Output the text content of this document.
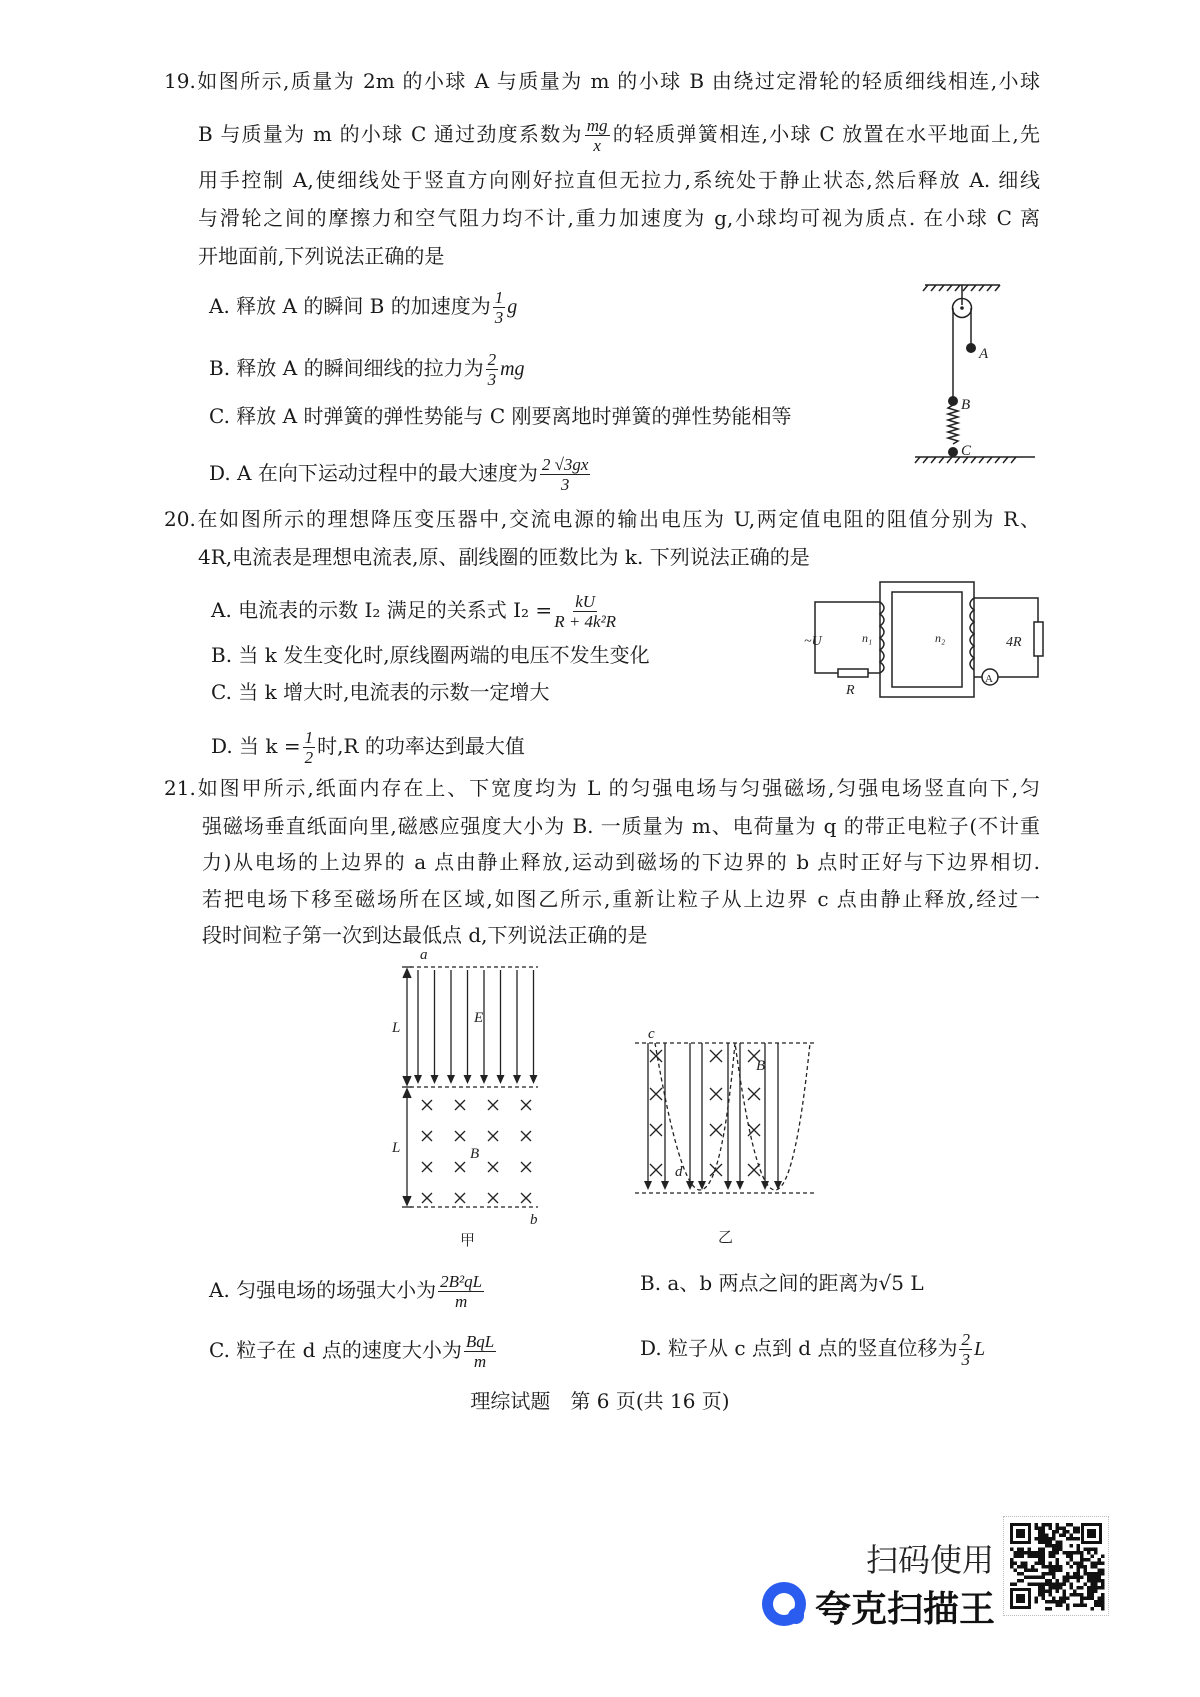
19.如图所示,质量为 2m 的小球 A 与质量为 m 的小球 B 由绕过定滑轮的轻质细线相连,小球
B 与质量为 m 的小球 C 通过劲度系数为 $\frac{mg}{x}$ 的轻质弹簧相连,小球 C 放置在水平地面上,先
用手控制 A,使细线处于竖直方向刚好拉直但无拉力,系统处于静止状态,然后释放 A. 细线
与滑轮之间的摩擦力和空气阻力均不计,重力加速度为 g,小球均可视为质点. 在小球 C 离
开地面前,下列说法正确的是
A. 释放 A 的瞬间 B 的加速度为 $\frac{1}{3}$ g
B. 释放 A 的瞬间细线的拉力为 $\frac{2}{3}$ mg
C. 释放 A 时弹簧的弹性势能与 C 刚要离地时弹簧的弹性势能相等
D. A 在向下运动过程中的最大速度为 $\frac{2 √3gx}{3}$
A
B
C
20.在如图所示的理想降压变压器中,交流电源的输出电压为 U,两定值电阻的阻值分别为 R、
4R,电流表是理想电流表,原、副线圈的匝数比为 k. 下列说法正确的是
A. 电流表的示数 I₂ 满足的关系式 $I_2 = \frac{kU}{\text{R + 4k²R}}$
B. 当 k 发生变化时,原线圈两端的电压不发生变化
C. 当 k 增大时,电流表的示数一定增大
D. 当 $k = \frac{1}{2}$ 时,R 的功率达到最大值
~U	n₁	n₂
R
4R
A
21.如图甲所示,纸面内存在上、下宽度均为 L 的匀强电场与匀强磁场,匀强电场竖直向下,匀
强磁场垂直纸面向里,磁感应强度大小为 B. 一质量为 m、电荷量为 q 的带正电粒子(不计重
力)从电场的上边界的 a 点由静止释放,运动到磁场的下边界的 b 点时正好与下边界相切.
若把电场下移至磁场所在区域,如图乙所示,重新让粒子从上边界 c 点由静止释放,经过一
段时间粒子第一次到达最低点 d,下列说法正确的是
a
b
L
L
E
B
甲
c
d
B
乙
A. 匀强电场的场强大小为 $\frac{\text{2B²qL}}{m}$	B. a、b 两点之间的距离为√5 L
C. 粒子在 d 点的速度大小为 $\frac{\text{BqL}}{m}$	D. 粒子从 c 点到 d 点的竖直位移为 $\frac{2}{3}$ L
理综试题　第 6 页(共 16 页)
扫码使用
夸克扫描王
